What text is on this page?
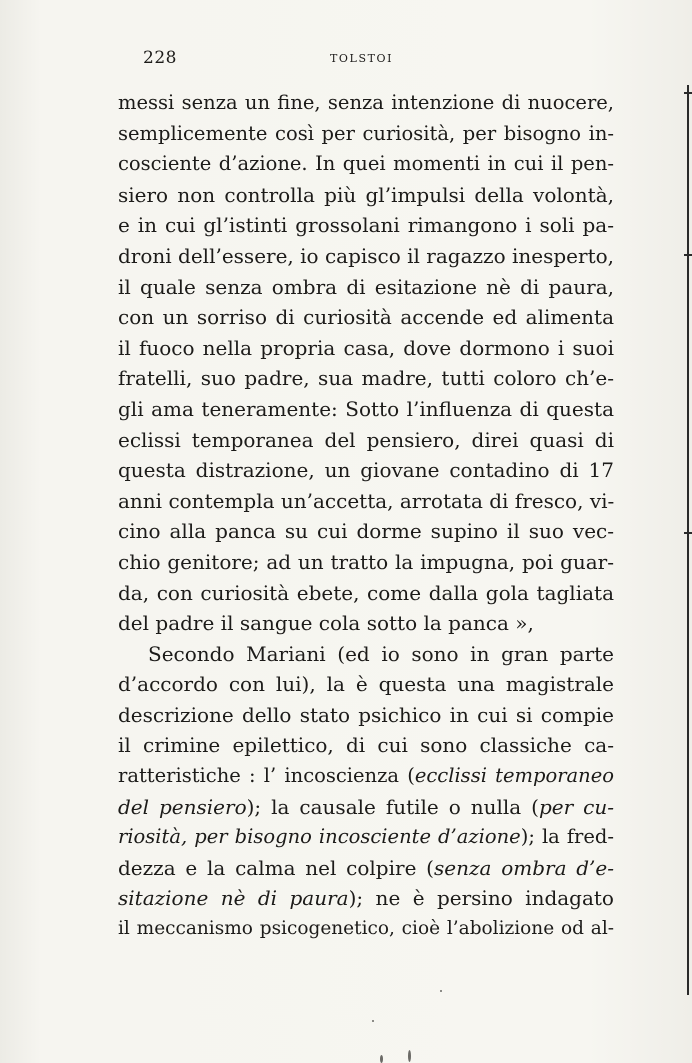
228	TOLSTOI
messi senza un fine, senza intenzione di nuocere,
semplicemente così per curiosità, per bisogno in-
cosciente d’azione. In quei momenti in cui il pen-
siero non controlla più gl’impulsi della volontà,
e in cui gl’istinti grossolani rimangono i soli pa-
droni dell’essere, io capisco il ragazzo inesperto,
il quale senza ombra di esitazione nè di paura,
con un sorriso di curiosità accende ed alimenta
il fuoco nella propria casa, dove dormono i suoi
fratelli, suo padre, sua madre, tutti coloro ch’e-
gli ama teneramente: Sotto l’influenza di questa
eclissi temporanea del pensiero, direi quasi di
questa distrazione, un giovane contadino di 17
anni contempla un’accetta, arrotata di fresco, vi-
cino alla panca su cui dorme supino il suo vec-
chio genitore; ad un tratto la impugna, poi guar-
da, con curiosità ebete, come dalla gola tagliata
del padre il sangue cola sotto la panca »,
Secondo Mariani (ed io sono in gran parte
d’accordo con lui), la è questa una magistrale
descrizione dello stato psichico in cui si compie
il crimine epilettico, di cui sono classiche ca-
ratteristiche : l’ incoscienza (ecclissi temporaneo
del pensiero); la causale futile o nulla (per cu-
riosità, per bisogno incosciente d’azione); la fred-
dezza e la calma nel colpire (senza ombra d’e-
sitazione nè di paura); ne è persino indagato
il meccanismo psicogenetico, cioè l’abolizione od al-
